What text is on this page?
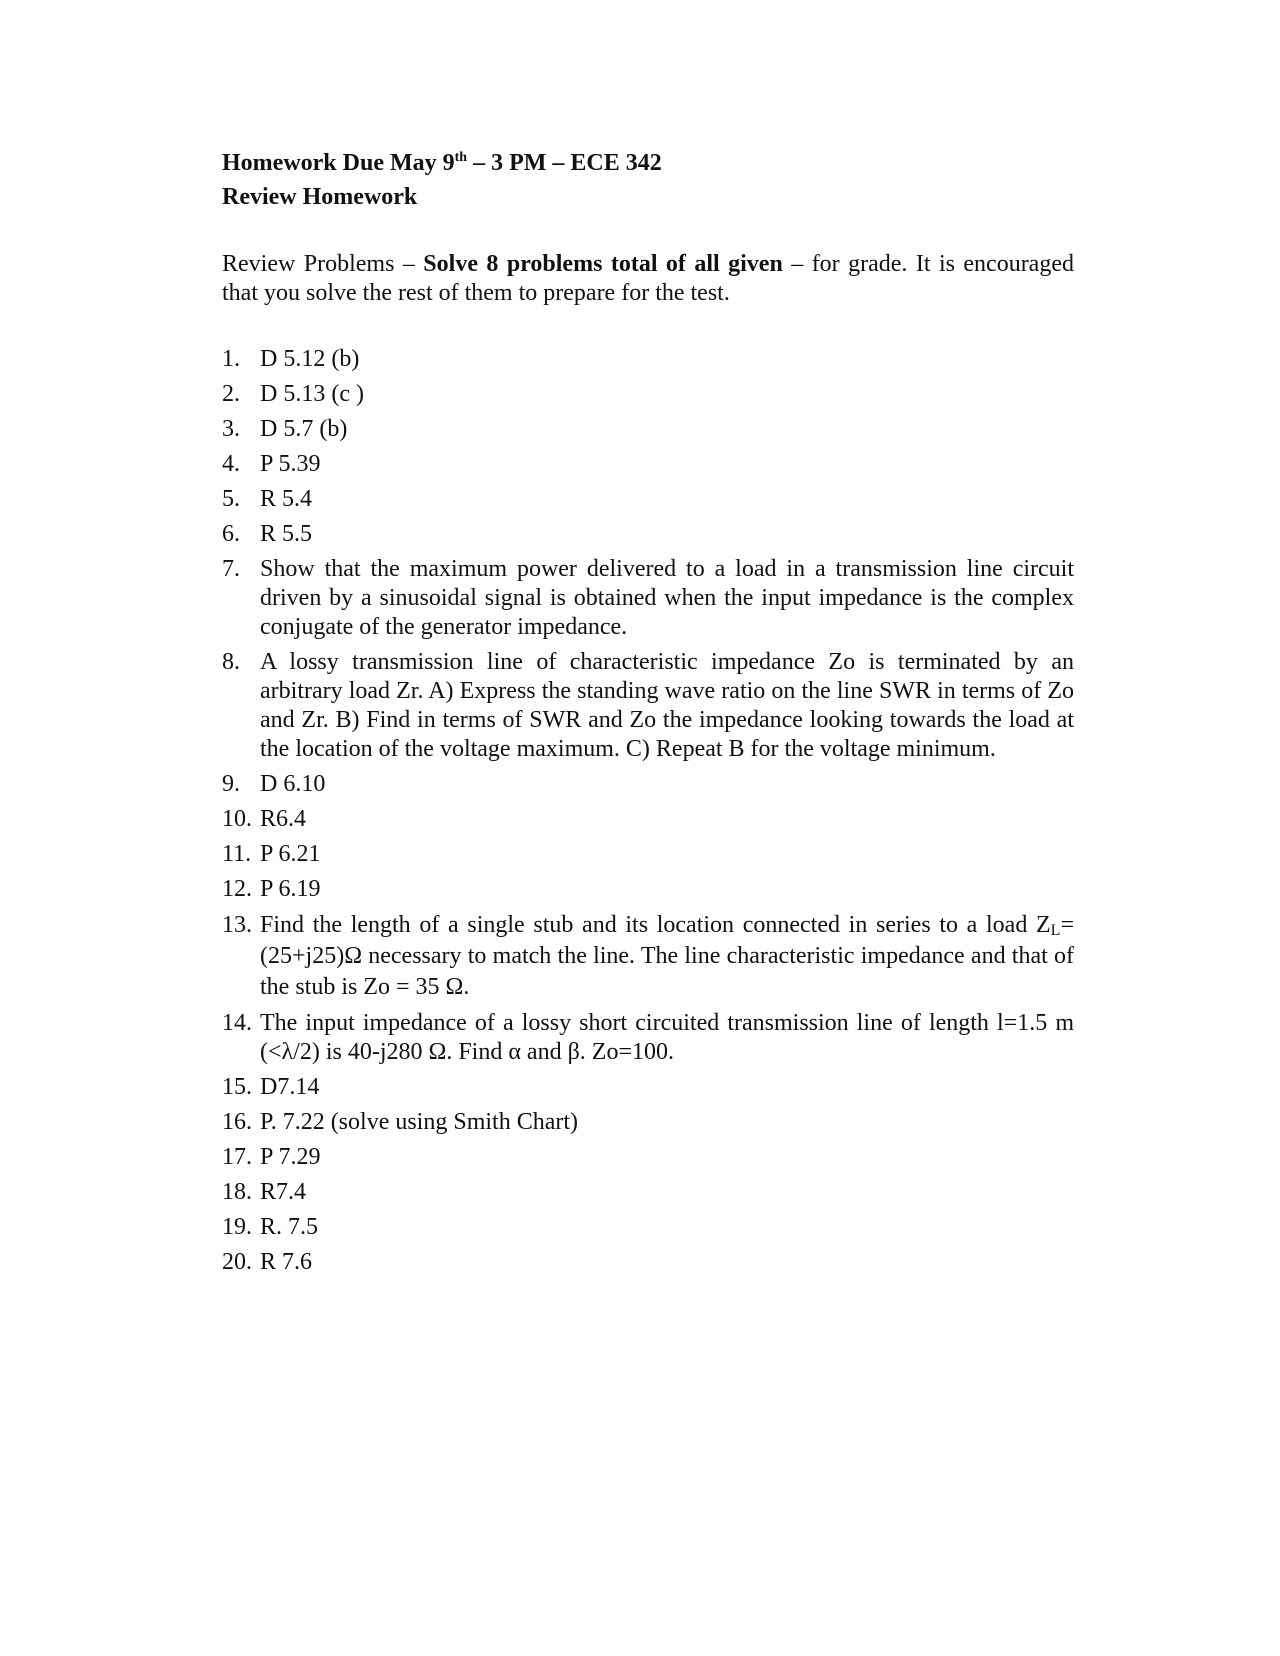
Homework Due May 9th – 3 PM – ECE 342
Review Homework

Review Problems – Solve 8 problems total of all given – for grade. It is encouraged that you solve the rest of them to prepare for the test.

1. D 5.12 (b)
2. D 5.13 (c )
3. D 5.7 (b)
4. P 5.39
5. R 5.4
6. R 5.5
7. Show that the maximum power delivered to a load in a transmission line circuit driven by a sinusoidal signal is obtained when the input impedance is the complex conjugate of the generator impedance.
8. A lossy transmission line of characteristic impedance Zo is terminated by an arbitrary load Zr. A) Express the standing wave ratio on the line SWR in terms of Zo and Zr. B) Find in terms of SWR and Zo the impedance looking towards the load at the location of the voltage maximum. C) Repeat B for the voltage minimum.
9. D 6.10
10. R6.4
11. P 6.21
12. P 6.19
13. Find the length of a single stub and its location connected in series to a load ZL=(25+j25)Ω necessary to match the line. The line characteristic impedance and that of the stub is Zo = 35 Ω.
14. The input impedance of a lossy short circuited transmission line of length l=1.5 m (<λ/2) is 40-j280 Ω. Find α and β. Zo=100.
15. D7.14
16. P. 7.22 (solve using Smith Chart)
17. P 7.29
18. R7.4
19. R. 7.5
20. R 7.6
